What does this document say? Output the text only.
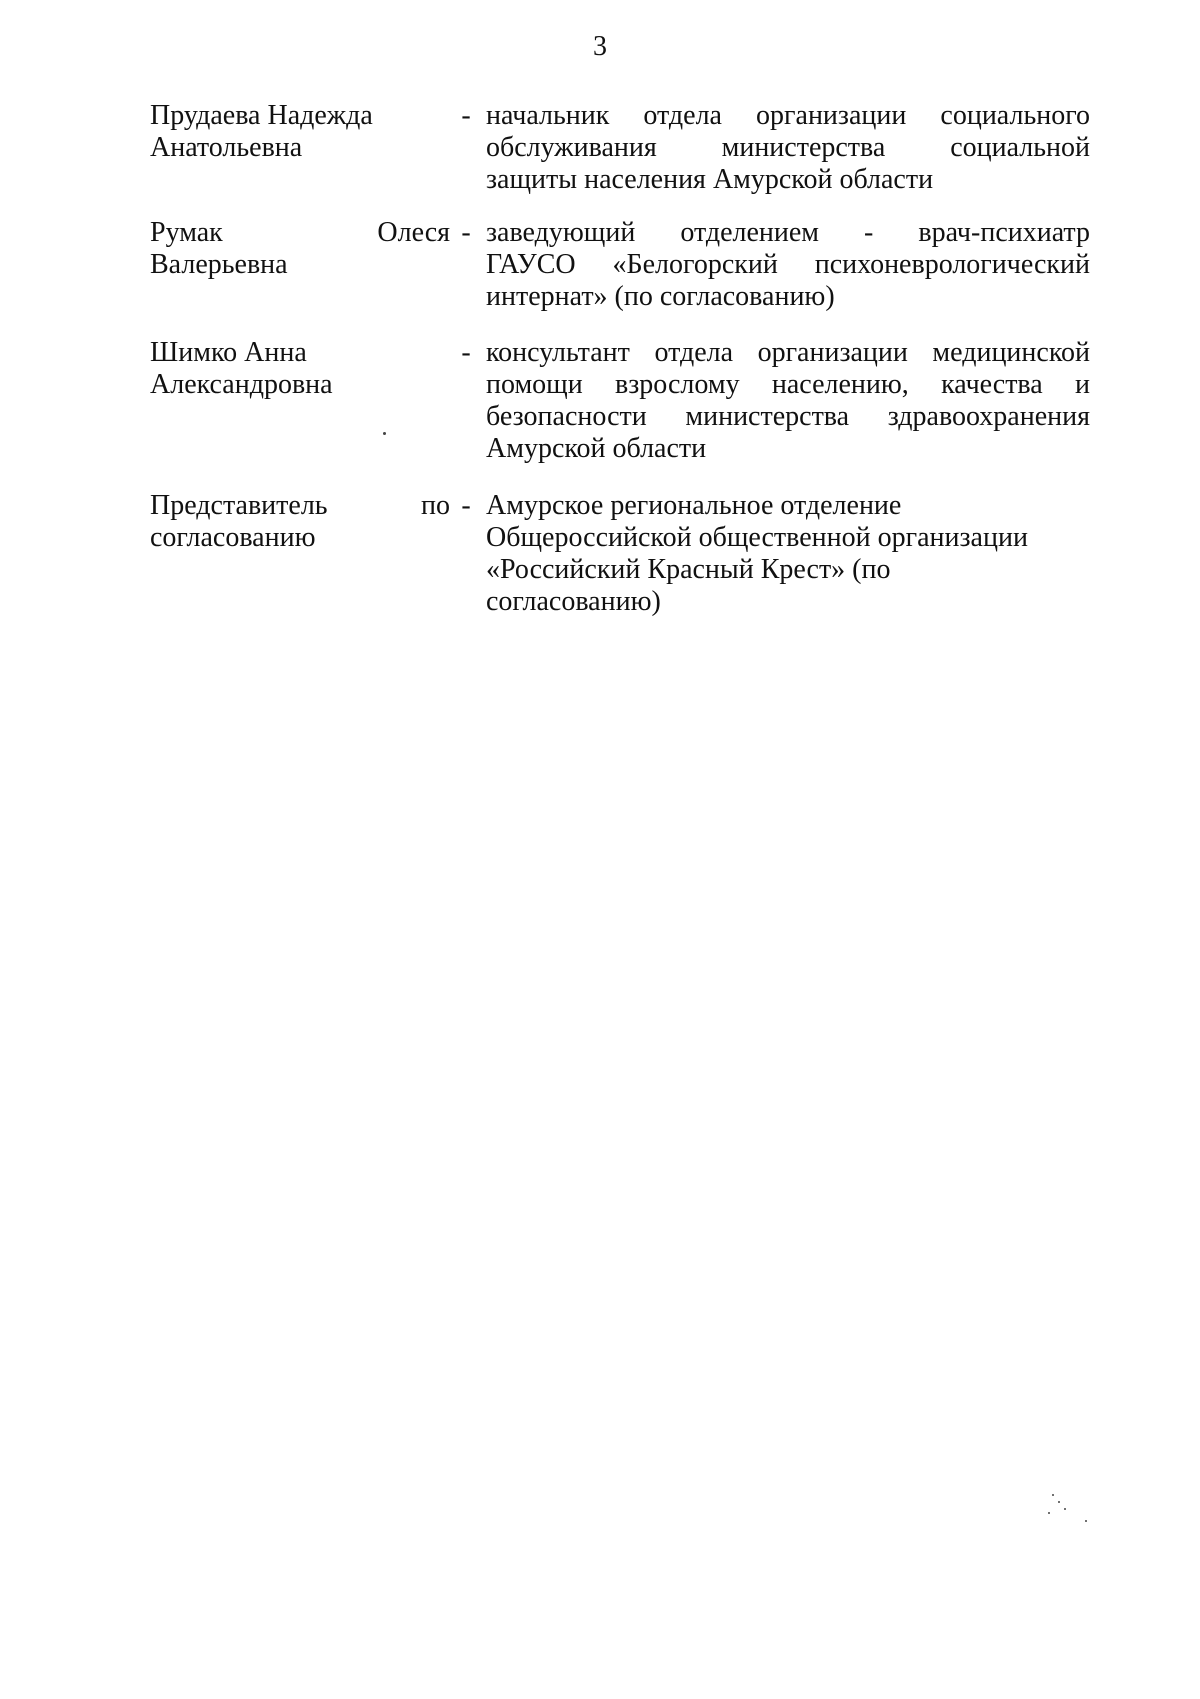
3
Прудаева Надежда
Анатольевна
- начальник отдела организации социального
обслуживания министерства социальной
защиты населения Амурской области
Румак	Олеся
Валерьевна
- заведующий отделением - врач-психиатр
ГАУСО «Белогорский психоневрологический
интернат» (по согласованию)
Шимко Анна
Александровна
- консультант отдела организации медицинской
помощи взрослому населению, качества и
безопасности министерства здравоохранения
Амурской области
Представитель	по
согласованию
- Амурское региональное отделение
Общероссийской общественной организации
«Российский Красный Крест» (по
согласованию)
